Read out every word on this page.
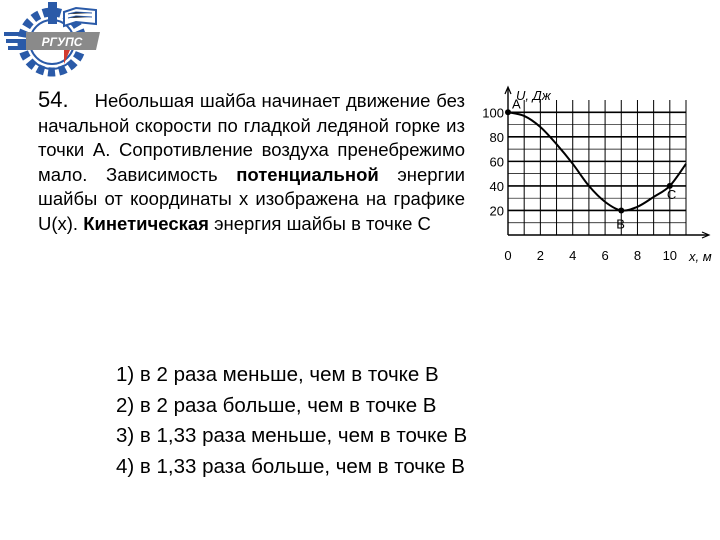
РГУПС
54. Небольшая шайба начинает движение без начальной скорости по гладкой ледяной горке из точки А. Сопротивление воздуха пренебрежимо мало. Зависимость потенциальной энергии шайбы от координаты х изображена на графике U(x). Кинетическая энергия шайбы в точке С
0 2 4 6 8 10
20
40
60
80
100
U, Дж
x, м
A
B
C
1) в 2 раза меньше, чем в точке В
2) в 2 раза больше, чем в точке В
3) в 1,33 раза меньше, чем в точке В
4) в 1,33 раза больше, чем в точке В
